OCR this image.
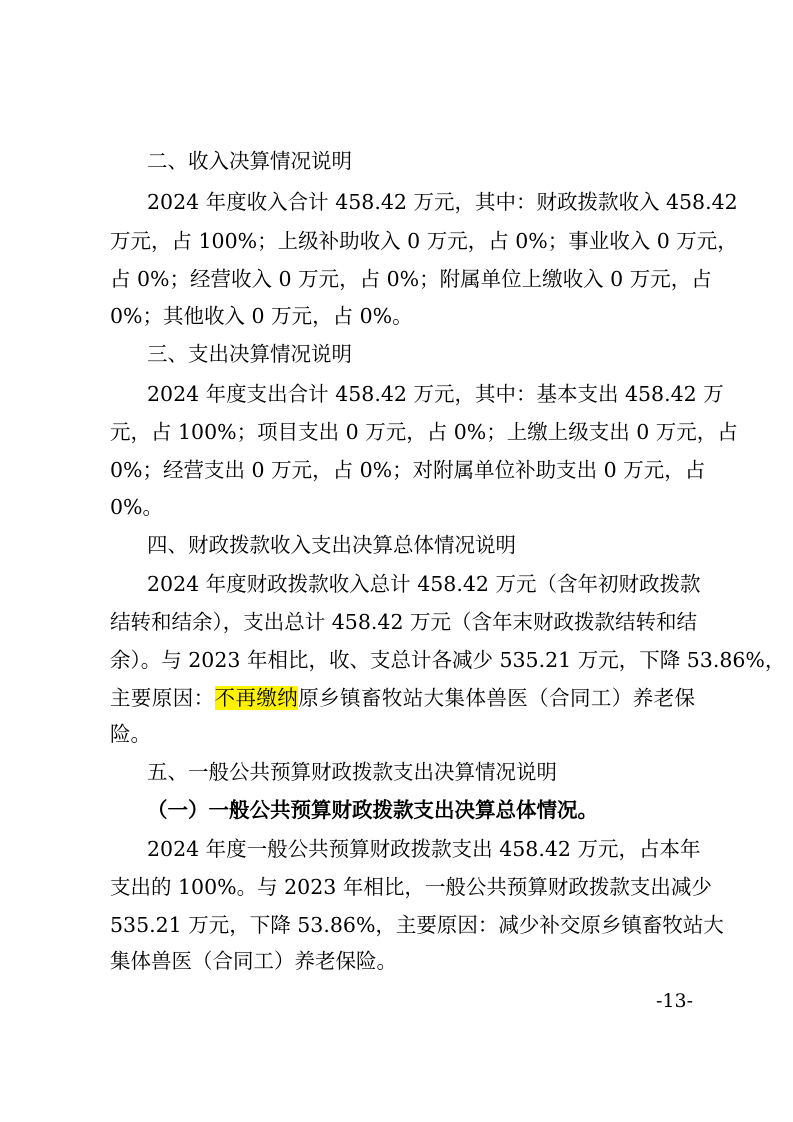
二、收入决算情况说明
2024 年度收入合计 458.42 万元，其中：财政拨款收入 458.42
万元，占 100%；上级补助收入 0 万元，占 0%；事业收入 0 万元，
占 0%；经营收入 0 万元，占 0%；附属单位上缴收入 0 万元，占
0%；其他收入 0 万元，占 0%。
三、支出决算情况说明
2024 年度支出合计 458.42 万元，其中：基本支出 458.42 万
元，占 100%；项目支出 0 万元，占 0%；上缴上级支出 0 万元，占
0%；经营支出 0 万元，占 0%；对附属单位补助支出 0 万元，占
0%。
四、财政拨款收入支出决算总体情况说明
2024 年度财政拨款收入总计 458.42 万元（含年初财政拨款
结转和结余），支出总计 458.42 万元（含年末财政拨款结转和结
余）。与 2023 年相比，收、支总计各减少 535.21 万元，下降 53.86%，
主要原因：不再缴纳原乡镇畜牧站大集体兽医（合同工）养老保
险。
五、一般公共预算财政拨款支出决算情况说明
（一）一般公共预算财政拨款支出决算总体情况。
2024 年度一般公共预算财政拨款支出 458.42 万元，占本年
支出的 100%。与 2023 年相比，一般公共预算财政拨款支出减少
535.21 万元，下降 53.86%，主要原因：减少补交原乡镇畜牧站大
集体兽医（合同工）养老保险。
-13-
